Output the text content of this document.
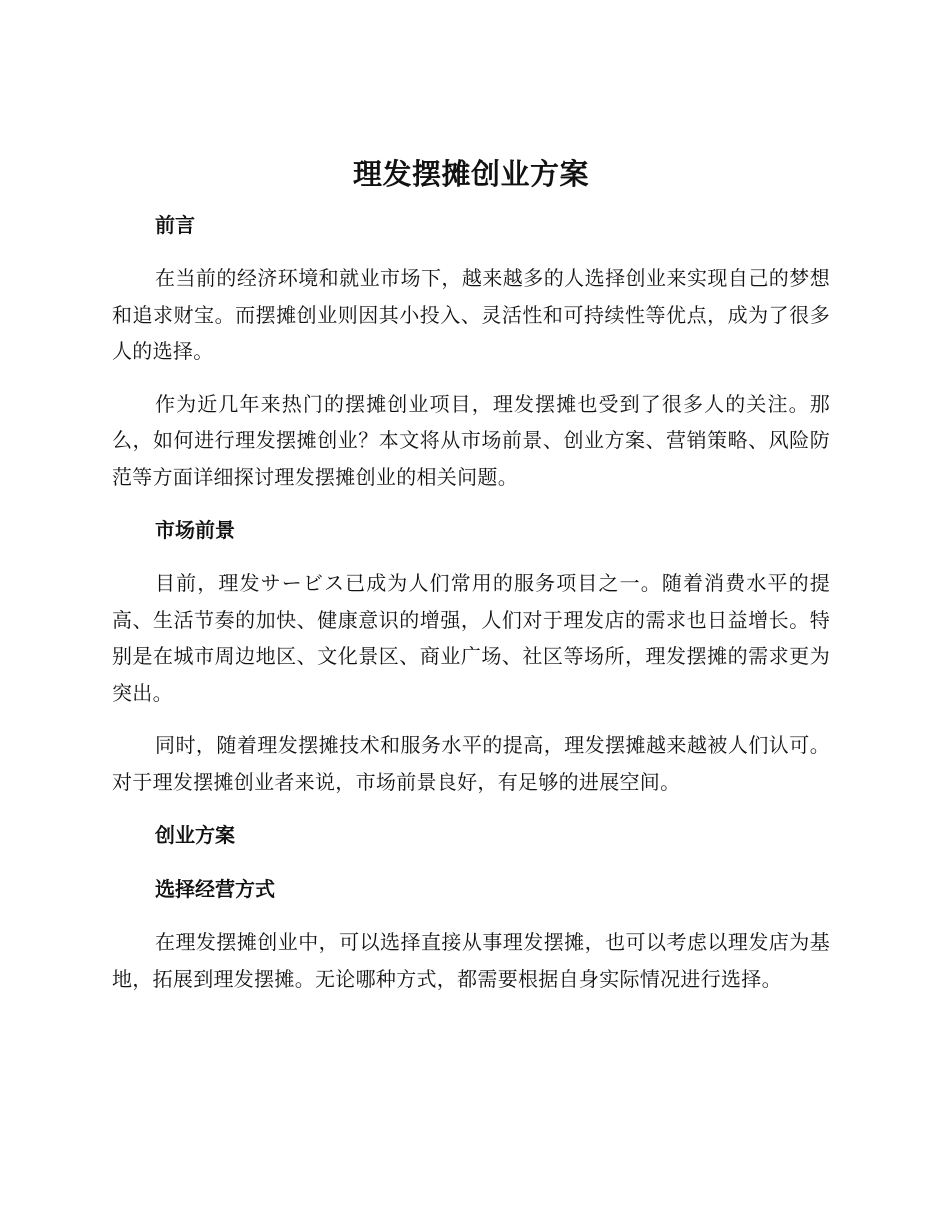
理发摆摊创业方案
前言

在当前的经济环境和就业市场下，越来越多的人选择创业来实现自己的梦想和追求财宝。而摆摊创业则因其小投入、灵活性和可持续性等优点，成为了很多人的选择。

作为近几年来热门的摆摊创业项目，理发摆摊也受到了很多人的关注。那么，如何进行理发摆摊创业？本文将从市场前景、创业方案、营销策略、风险防范等方面详细探讨理发摆摊创业的相关问题。

市场前景

目前，理发サービス已成为人们常用的服务项目之一。随着消费水平的提高、生活节奏的加快、健康意识的增强，人们对于理发店的需求也日益增长。特别是在城市周边地区、文化景区、商业广场、社区等场所，理发摆摊的需求更为突出。

同时，随着理发摆摊技术和服务水平的提高，理发摆摊越来越被人们认可。对于理发摆摊创业者来说，市场前景良好，有足够的进展空间。

创业方案
选择经营方式

在理发摆摊创业中，可以选择直接从事理发摆摊，也可以考虑以理发店为基地，拓展到理发摆摊。无论哪种方式，都需要根据自身实际情况进行选择。
